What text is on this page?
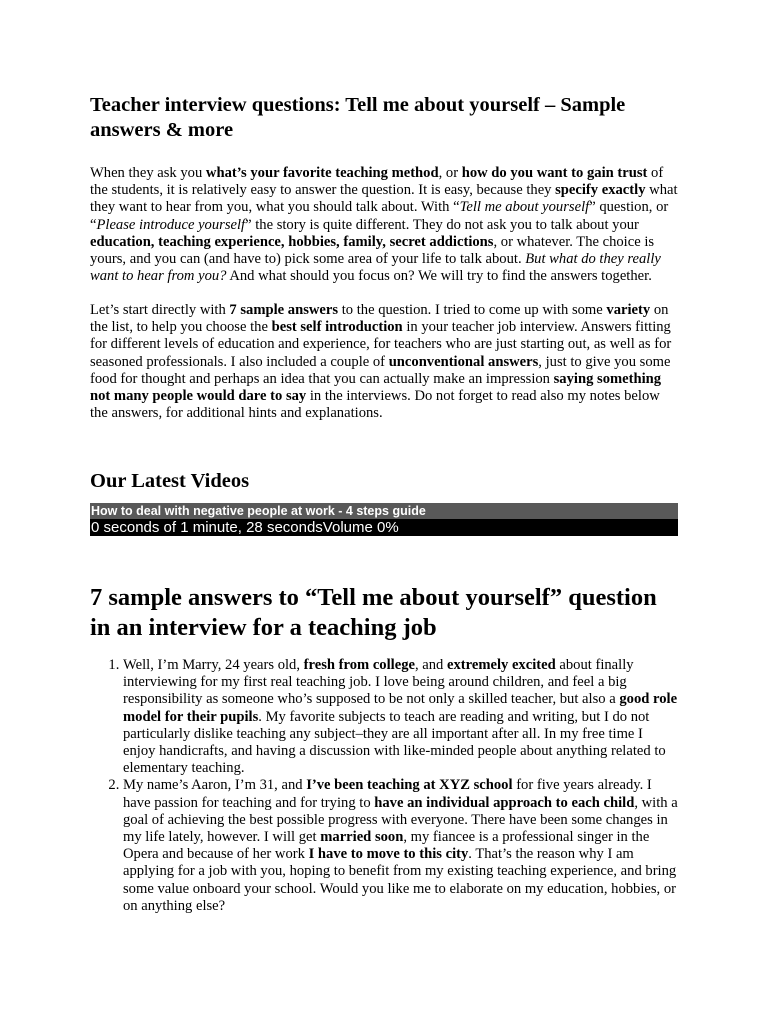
Teacher interview questions: Tell me about yourself – Sample answers & more

When they ask you what’s your favorite teaching method, or how do you want to gain trust of the students, it is relatively easy to answer the question. It is easy, because they specify exactly what they want to hear from you, what you should talk about. With “Tell me about yourself” question, or “Please introduce yourself” the story is quite different. They do not ask you to talk about your education, teaching experience, hobbies, family, secret addictions, or whatever. The choice is yours, and you can (and have to) pick some area of your life to talk about. But what do they really want to hear from you? And what should you focus on? We will try to find the answers together.

Let’s start directly with 7 sample answers to the question. I tried to come up with some variety on the list, to help you choose the best self introduction in your teacher job interview. Answers fitting for different levels of education and experience, for teachers who are just starting out, as well as for seasoned professionals. I also included a couple of unconventional answers, just to give you some food for thought and perhaps an idea that you can actually make an impression saying something not many people would dare to say in the interviews. Do not forget to read also my notes below the answers, for additional hints and explanations.

Our Latest Videos
How to deal with negative people at work - 4 steps guide
0 seconds of 1 minute, 28 secondsVolume 0%
7 sample answers to “Tell me about yourself” question in an interview for a teaching job
1. Well, I’m Marry, 24 years old, fresh from college, and extremely excited about finally interviewing for my first real teaching job. I love being around children, and feel a big responsibility as someone who’s supposed to be not only a skilled teacher, but also a good role model for their pupils. My favorite subjects to teach are reading and writing, but I do not particularly dislike teaching any subject–they are all important after all. In my free time I enjoy handicrafts, and having a discussion with like-minded people about anything related to elementary teaching.
2. My name’s Aaron, I’m 31, and I’ve been teaching at XYZ school for five years already. I have passion for teaching and for trying to have an individual approach to each child, with a goal of achieving the best possible progress with everyone. There have been some changes in my life lately, however. I will get married soon, my fiancee is a professional singer in the Opera and because of her work I have to move to this city. That’s the reason why I am applying for a job with you, hoping to benefit from my existing teaching experience, and bring some value onboard your school. Would you like me to elaborate on my education, hobbies, or on anything else?
